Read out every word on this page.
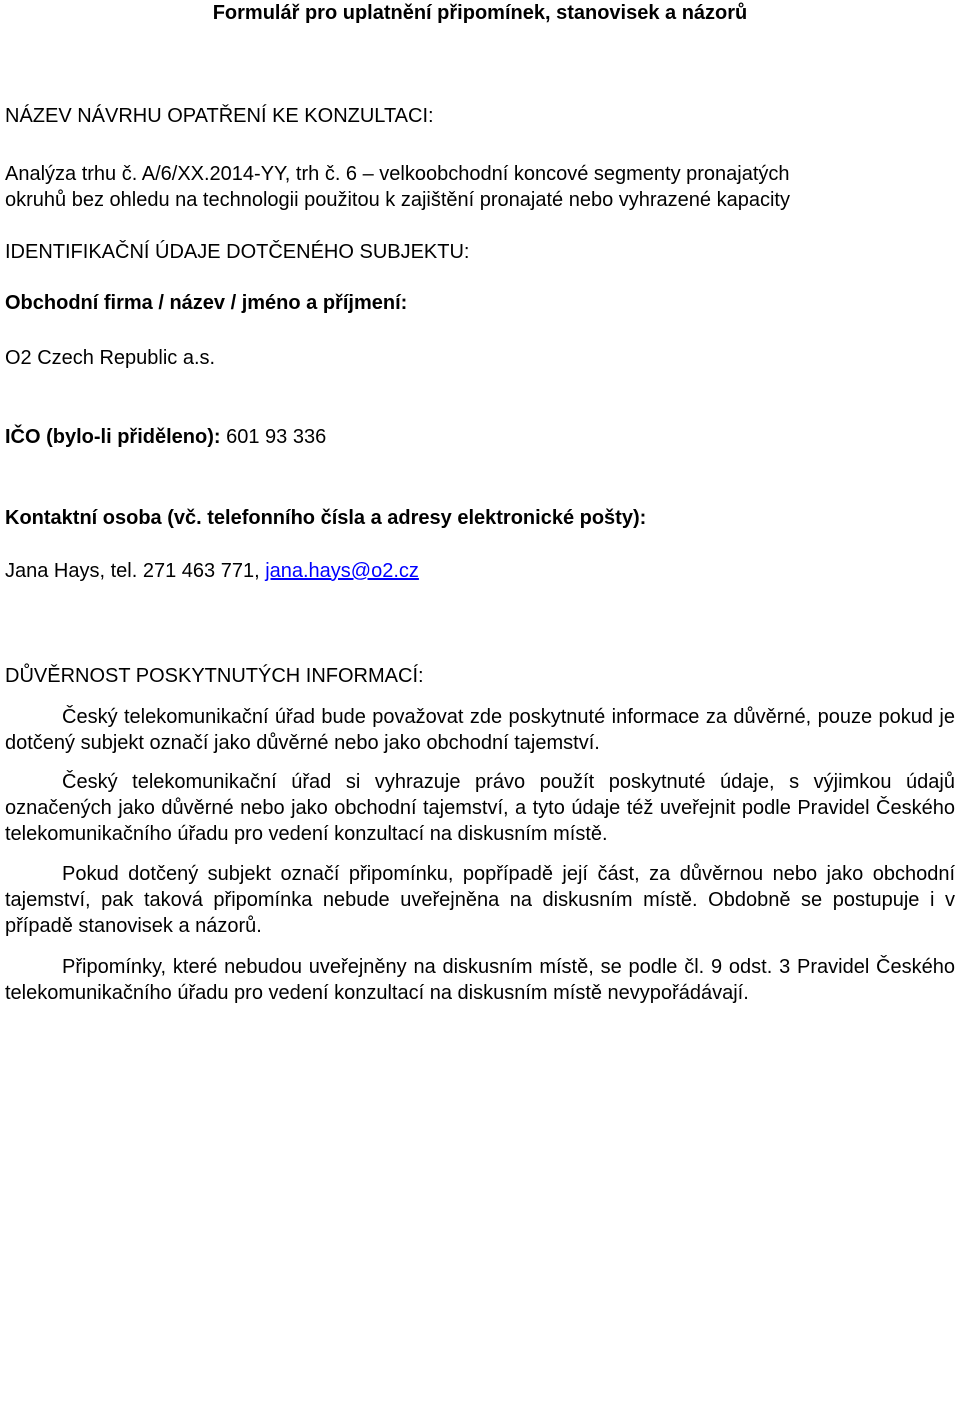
Formulář pro uplatnění připomínek, stanovisek a názorů
NÁZEV NÁVRHU OPATŘENÍ KE KONZULTACI:
Analýza trhu č. A/6/XX.2014-YY, trh č. 6 – velkoobchodní koncové segmenty pronajatých
okruhů bez ohledu na technologii použitou k zajištění pronajaté nebo vyhrazené kapacity
IDENTIFIKAČNÍ ÚDAJE DOTČENÉHO SUBJEKTU:
Obchodní firma / název / jméno a příjmení:
O2 Czech Republic a.s.
IČO (bylo-li přiděleno): 601 93 336
Kontaktní osoba (vč. telefonního čísla a adresy elektronické pošty):
Jana Hays, tel. 271 463 771, jana.hays@o2.cz
DŮVĚRNOST POSKYTNUTÝCH INFORMACÍ:

Český telekomunikační úřad bude považovat zde poskytnuté informace za důvěrné, pouze pokud je dotčený subjekt označí jako důvěrné nebo jako obchodní tajemství.

Český telekomunikační úřad si vyhrazuje právo použít poskytnuté údaje, s výjimkou údajů označených jako důvěrné nebo jako obchodní tajemství, a tyto údaje též uveřejnit podle Pravidel Českého telekomunikačního úřadu pro vedení konzultací na diskusním místě.

Pokud dotčený subjekt označí připomínku, popřípadě její část, za důvěrnou nebo jako obchodní tajemství, pak taková připomínka nebude uveřejněna na diskusním místě. Obdobně se postupuje i v případě stanovisek a názorů.

Připomínky, které nebudou uveřejněny na diskusním místě, se podle čl. 9 odst. 3 Pravidel Českého telekomunikačního úřadu pro vedení konzultací na diskusním místě nevypořádávají.
